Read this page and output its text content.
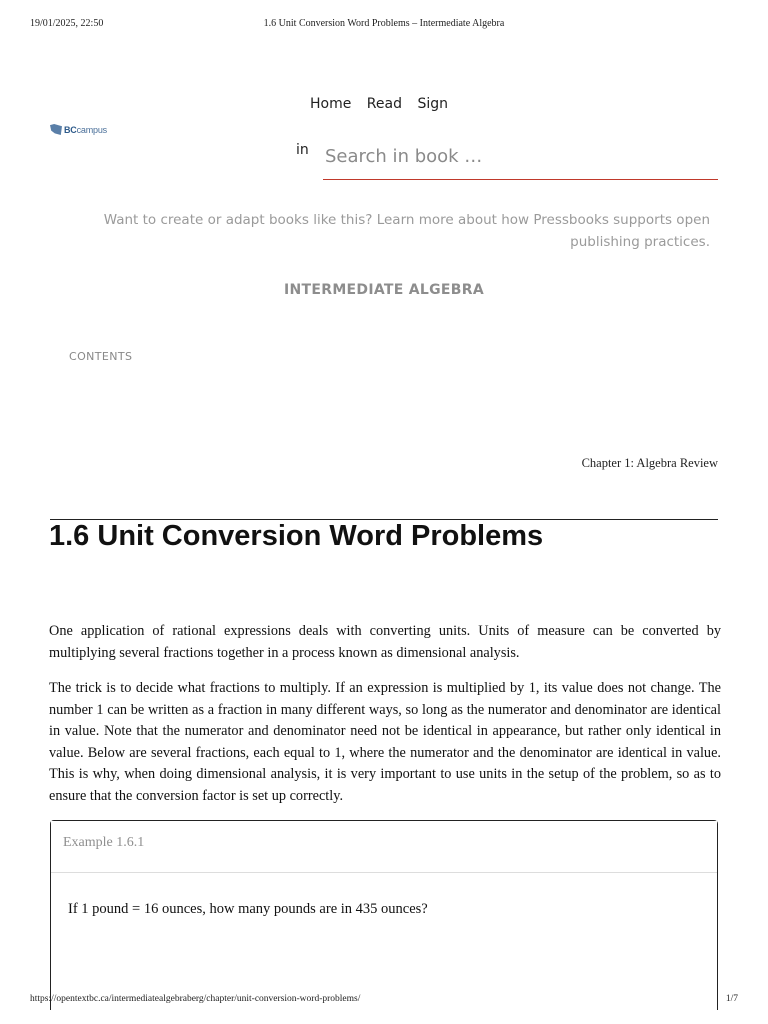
19/01/2025, 22:50	1.6 Unit Conversion Word Problems – Intermediate Algebra
BCcampus
Home Read Sign
in
Search in book …
Want to create or adapt books like this? Learn more about how Pressbooks supports open publishing practices.
INTERMEDIATE ALGEBRA
CONTENTS
Chapter 1: Algebra Review
1.6 Unit Conversion Word Problems

One application of rational expressions deals with converting units. Units of measure can be converted by multiplying several fractions together in a process known as dimensional analysis.

The trick is to decide what fractions to multiply. If an expression is multiplied by 1, its value does not change. The number 1 can be written as a fraction in many different ways, so long as the numerator and denominator are identical in value. Note that the numerator and denominator need not be identical in appearance, but rather only identical in value. Below are several fractions, each equal to 1, where the numerator and the denominator are identical in value. This is why, when doing dimensional analysis, it is very important to use units in the setup of the problem, so as to ensure that the conversion factor is set up correctly.

Example 1.6.1
If 1 pound = 16 ounces, how many pounds are in 435 ounces?
https://opentextbc.ca/intermediatealgebraberg/chapter/unit-conversion-word-problems/	1/7
